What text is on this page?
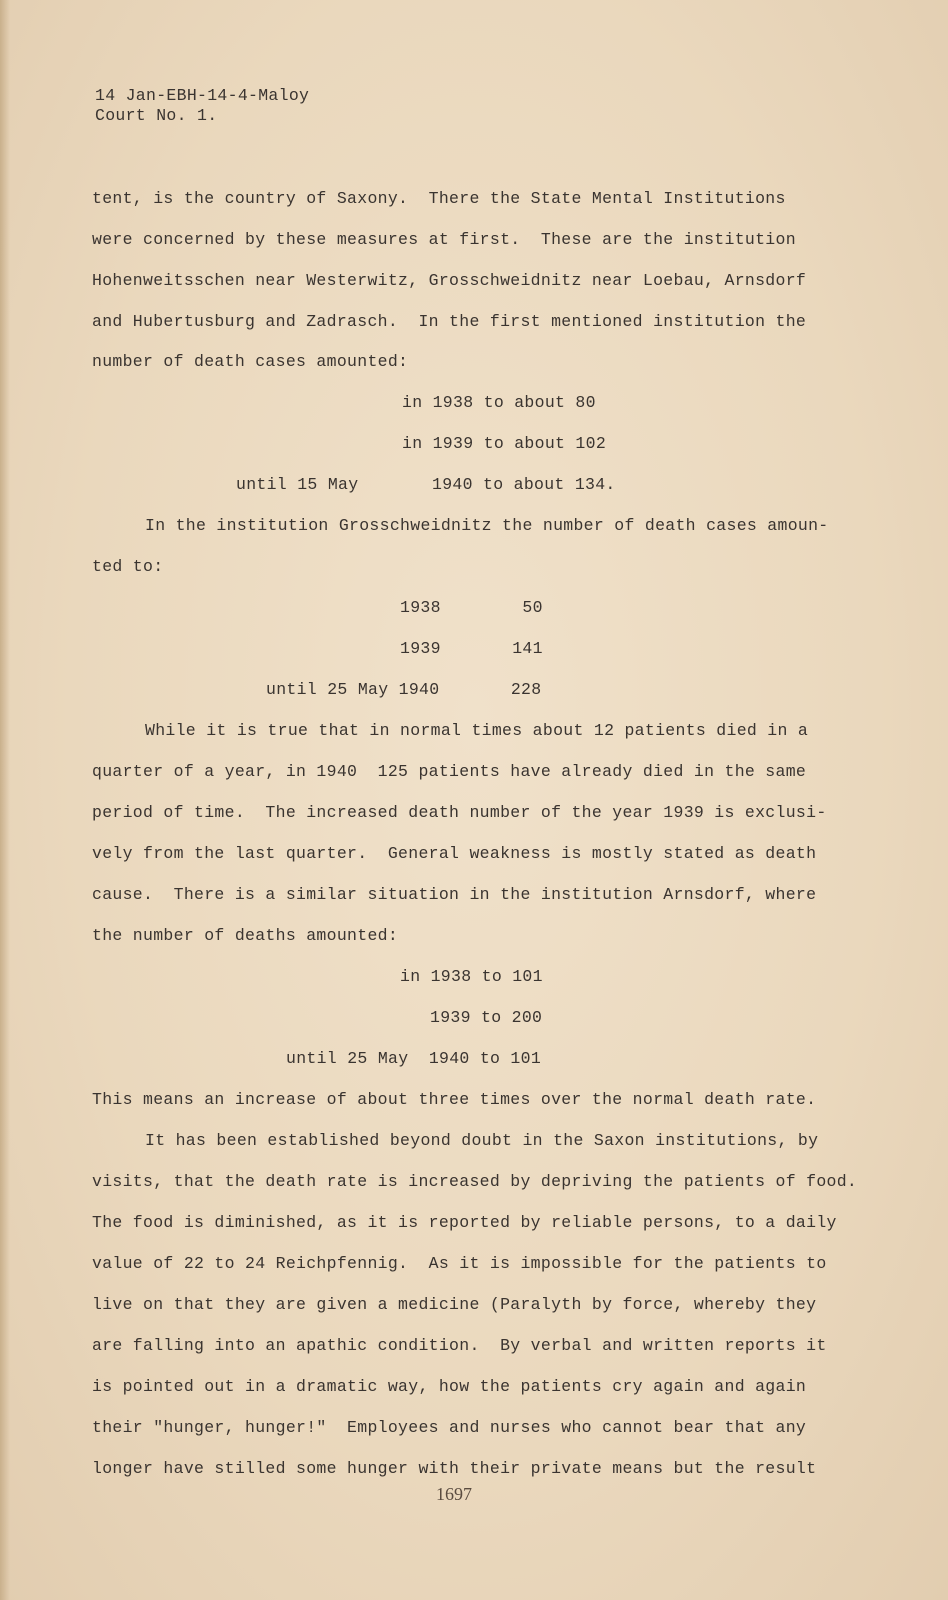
14 Jan-EBH-14-4-Maloy
Court No. 1.
tent, is the country of Saxony.  There the State Mental Institutions
were concerned by these measures at first.  These are the institution
Hohenweitsschen near Westerwitz, Grosschweidnitz near Loebau, Arnsdorf
and Hubertusburg and Zadrasch.  In the first mentioned institution the
number of death cases amounted:
in 1938 to about 80
in 1939 to about 102
until 15 May	1940 to about 134.
In the institution Grosschweidnitz the number of death cases amoun-
ted to:
1938        50
1939       141
until 25 May 1940       228
While it is true that in normal times about 12 patients died in a
quarter of a year, in 1940  125 patients have already died in the same
period of time.  The increased death number of the year 1939 is exclusi-
vely from the last quarter.  General weakness is mostly stated as death
cause.  There is a similar situation in the institution Arnsdorf, where
the number of deaths amounted:
in 1938 to 101
1939 to 200
until 25 May  1940 to 101
This means an increase of about three times over the normal death rate.
It has been established beyond doubt in the Saxon institutions, by
visits, that the death rate is increased by depriving the patients of food.
The food is diminished, as it is reported by reliable persons, to a daily
value of 22 to 24 Reichpfennig.  As it is impossible for the patients to
live on that they are given a medicine (Paralyth by force, whereby they
are falling into an apathic condition.  By verbal and written reports it
is pointed out in a dramatic way, how the patients cry again and again
their "hunger, hunger!"  Employees and nurses who cannot bear that any
longer have stilled some hunger with their private means but the result
1697
